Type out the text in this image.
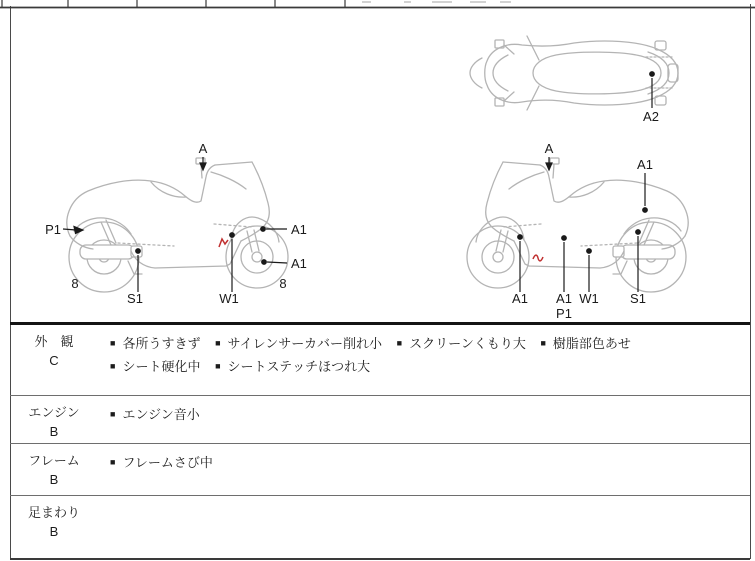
A
P1	A1
A1
8	8
S1	W1
A
A1
A1 A1
P1
W1 S1
A2
外　観
C
■ 各所うすきず ■ サイレンサーカバー削れ小 ■ スクリーンくもり大 ■ 樹脂部色あせ ■ シート硬化中 ■ シートステッチほつれ大
エンジン
B
■ エンジン音小
フレーム
B
■ フレームさび中
足まわり
B
